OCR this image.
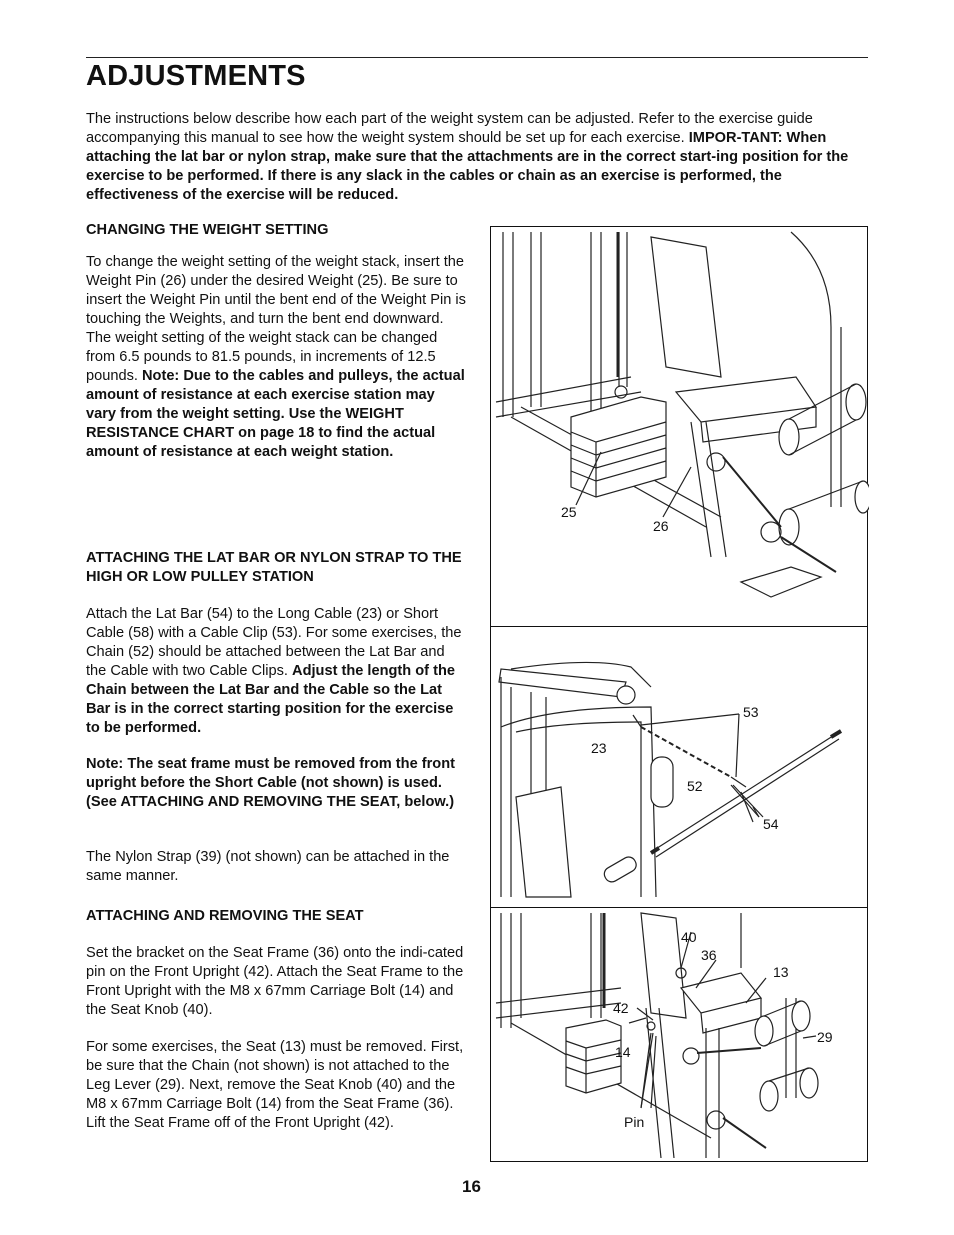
ADJUSTMENTS

The instructions below describe how each part of the weight system can be adjusted. Refer to the exercise guide accompanying this manual to see how the weight system should be set up for each exercise. IMPOR-TANT: When attaching the lat bar or nylon strap, make sure that the attachments are in the correct start-ing position for the exercise to be performed. If there is any slack in the cables or chain as an exercise is performed, the effectiveness of the exercise will be reduced.

CHANGING THE WEIGHT SETTING

To change the weight setting of the weight stack, insert the Weight Pin (26) under the desired Weight (25). Be sure to insert the Weight Pin until the bent end of the Weight Pin is touching the Weights, and turn the bent end downward. The weight setting of the weight stack can be changed from 6.5 pounds to 81.5 pounds, in increments of 12.5 pounds. Note: Due to the cables and pulleys, the actual amount of resistance at each exercise station may vary from the weight setting. Use the WEIGHT RESISTANCE CHART on page 18 to find the actual amount of resistance at each weight station.

ATTACHING THE LAT BAR OR NYLON STRAP TO THE HIGH OR LOW PULLEY STATION

Attach the Lat Bar (54) to the Long Cable (23) or Short Cable (58) with a Cable Clip (53). For some exercises, the Chain (52) should be attached between the Lat Bar and the Cable with two Cable Clips. Adjust the length of the Chain between the Lat Bar and the Cable so the Lat Bar is in the correct starting position for the exercise to be performed.

Note: The seat frame must be removed from the front upright before the Short Cable (not shown) is used. (See ATTACHING AND REMOVING THE SEAT, below.)

The Nylon Strap (39) (not shown) can be attached in the same manner.

ATTACHING AND REMOVING THE SEAT

Set the bracket on the Seat Frame (36) onto the indi-cated pin on the Front Upright (42). Attach the Seat Frame to the Front Upright with the M8 x 67mm Carriage Bolt (14) and the Seat Knob (40).

For some exercises, the Seat (13) must be removed. First, be sure that the Chain (not shown) is not attached to the Leg Lever (29). Next, remove the Seat Knob (40) and the M8 x 67mm Carriage Bolt (14) from the Seat Frame (36). Lift the Seat Frame off of the Front Upright (42).

25
26
53
23
52
54
40
36
13
42
29
14
Pin
16
